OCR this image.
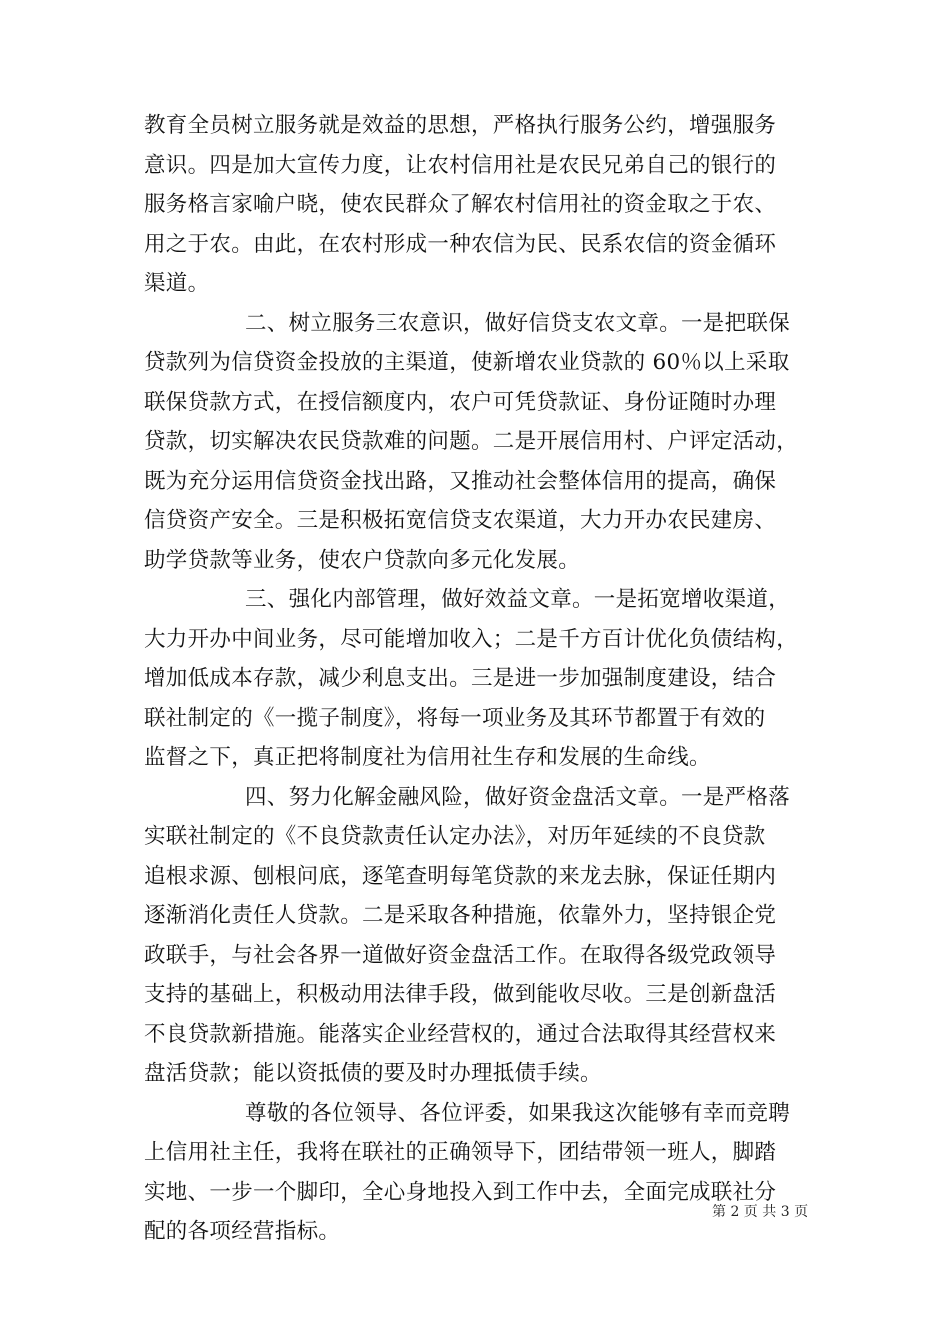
教育全员树立服务就是效益的思想，严格执行服务公约，增强服务
意识。四是加大宣传力度，让农村信用社是农民兄弟自己的银行的
服务格言家喻户晓，使农民群众了解农村信用社的资金取之于农、
用之于农。由此，在农村形成一种农信为民、民系农信的资金循环
渠道。
二、树立服务三农意识，做好信贷支农文章。一是把联保
贷款列为信贷资金投放的主渠道，使新增农业贷款的 60％以上采取
联保贷款方式，在授信额度内，农户可凭贷款证、身份证随时办理
贷款，切实解决农民贷款难的问题。二是开展信用村、户评定活动，
既为充分运用信贷资金找出路，又推动社会整体信用的提高，确保
信贷资产安全。三是积极拓宽信贷支农渠道，大力开办农民建房、
助学贷款等业务，使农户贷款向多元化发展。
三、强化内部管理，做好效益文章。一是拓宽增收渠道，
大力开办中间业务，尽可能增加收入；二是千方百计优化负债结构，
增加低成本存款，减少利息支出。三是进一步加强制度建设，结合
联社制定的《一揽子制度》，将每一项业务及其环节都置于有效的
监督之下，真正把将制度社为信用社生存和发展的生命线。
四、努力化解金融风险，做好资金盘活文章。一是严格落
实联社制定的《不良贷款责任认定办法》，对历年延续的不良贷款
追根求源、刨根问底，逐笔查明每笔贷款的来龙去脉，保证任期内
逐渐消化责任人贷款。二是采取各种措施，依靠外力，坚持银企党
政联手，与社会各界一道做好资金盘活工作。在取得各级党政领导
支持的基础上，积极动用法律手段，做到能收尽收。三是创新盘活
不良贷款新措施。能落实企业经营权的，通过合法取得其经营权来
盘活贷款；能以资抵债的要及时办理抵债手续。
尊敬的各位领导、各位评委，如果我这次能够有幸而竞聘
上信用社主任，我将在联社的正确领导下，团结带领一班人，脚踏
实地、一步一个脚印，全心身地投入到工作中去，全面完成联社分
配的各项经营指标。
第 2 页 共 3 页
